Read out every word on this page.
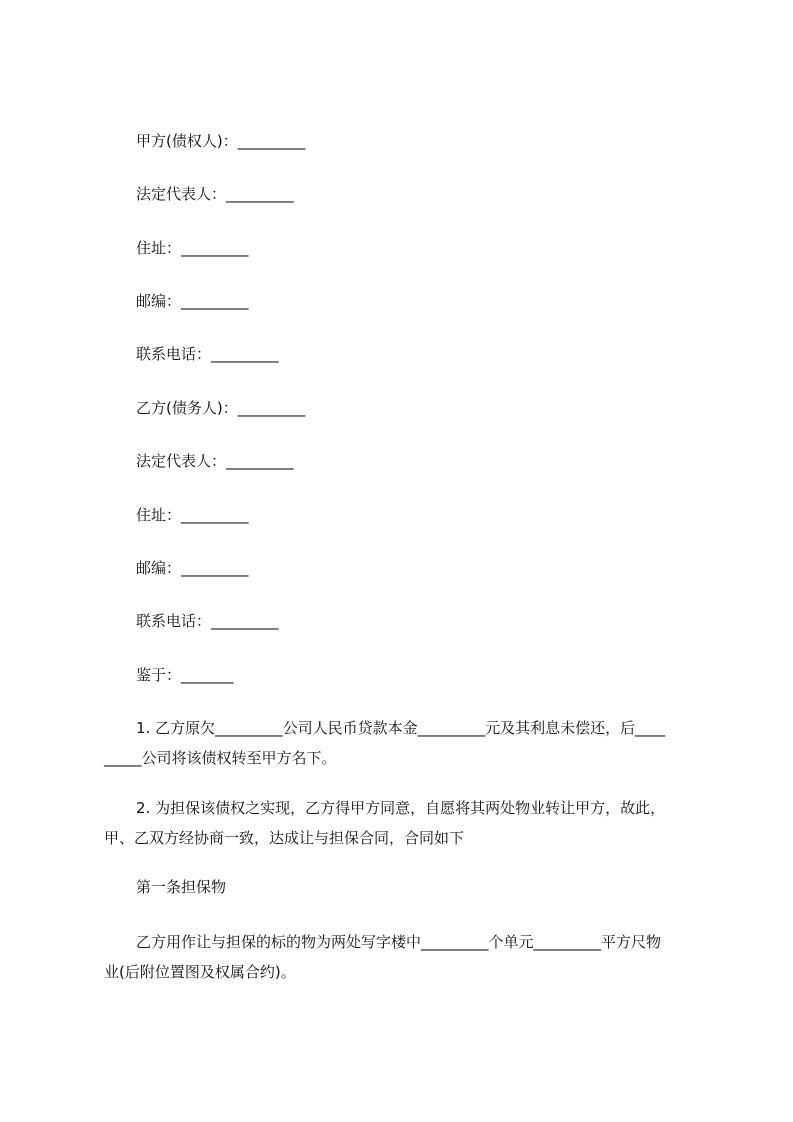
甲方(债权人)：_________
法定代表人：_________
住址：_________
邮编：_________
联系电话：_________
乙方(债务人)：_________
法定代表人：_________
住址：_________
邮编：_________
联系电话：_________
鉴于：_______
1. 乙方原欠_________公司人民币贷款本金_________元及其利息未偿还，后____
_____公司将该债权转至甲方名下。
2. 为担保该债权之实现，乙方得甲方同意，自愿将其两处物业转让甲方，故此，
甲、乙双方经协商一致，达成让与担保合同，合同如下
第一条担保物
乙方用作让与担保的标的物为两处写字楼中_________个单元_________平方尺物
业(后附位置图及权属合约)。
